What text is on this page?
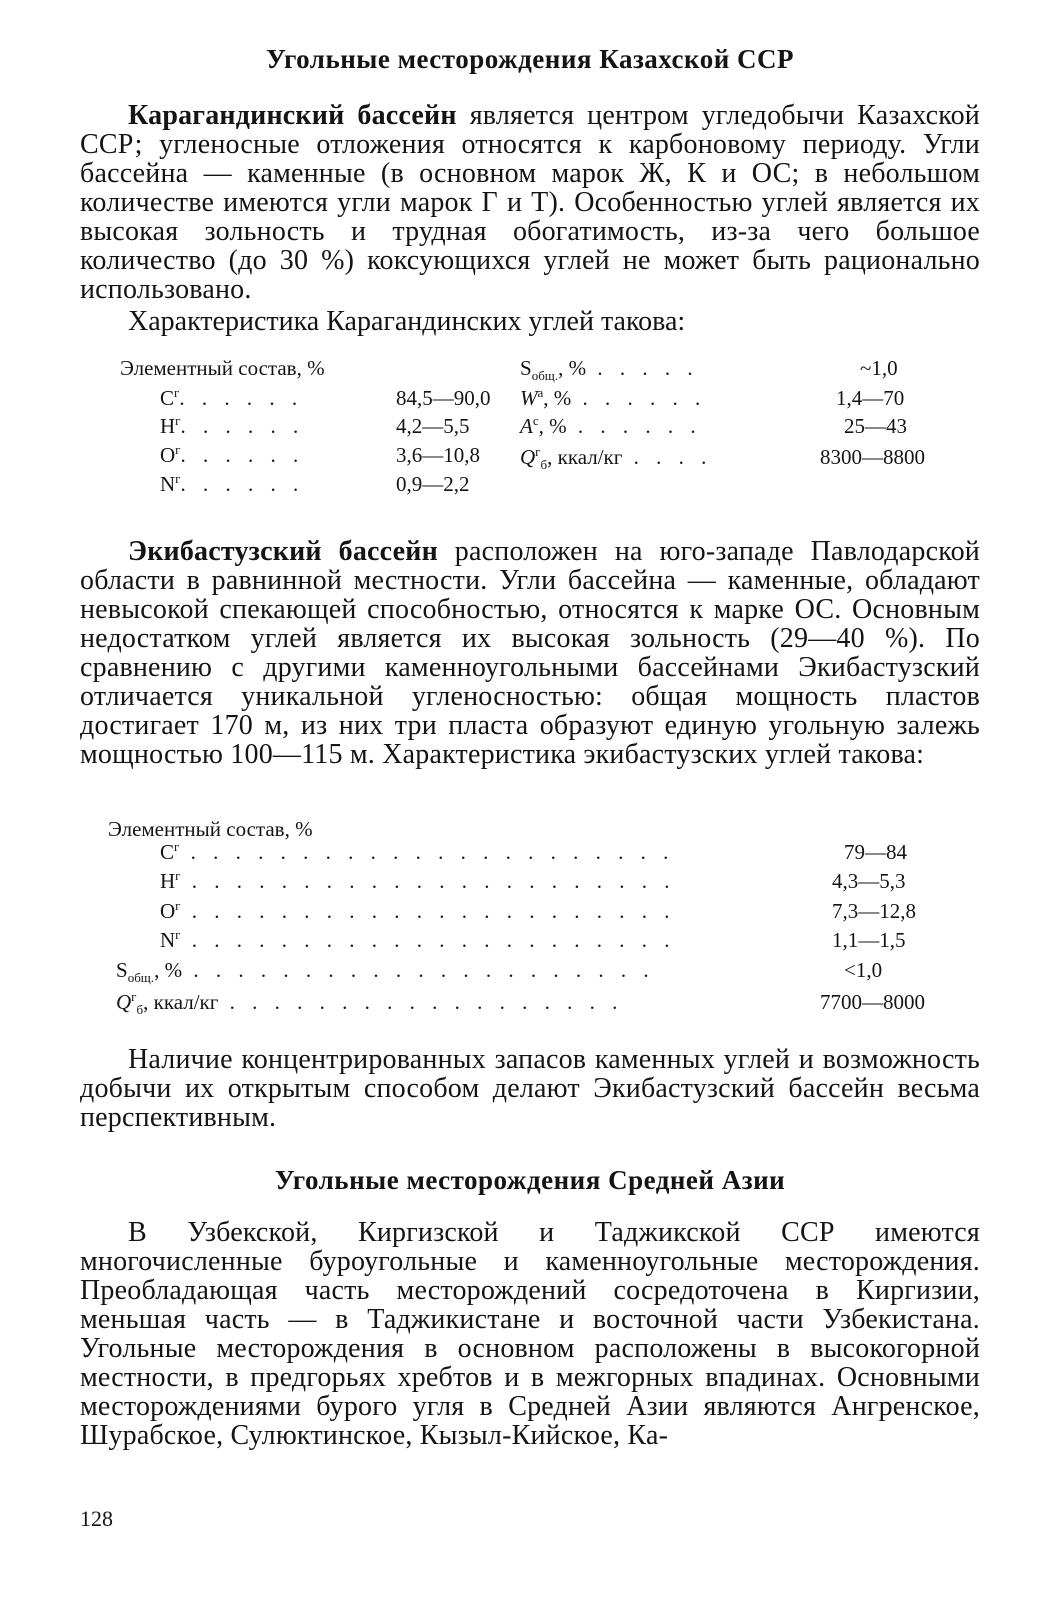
Угольные месторождения Казахской ССР

Карагандинский бассейн является центром угледобычи Казахской ССР; угленосные отложения относятся к карбоновому периоду. Угли бассейна — каменные (в основном марок Ж, К и ОС; в небольшом количестве имеются угли марок Г и Т). Особенностью углей является их высокая зольность и трудная обогатимость, из-за чего большое количество (до 30 %) коксующихся углей не может быть рационально использовано.

Характеристика Карагандинских углей такова:

Элементный состав, %
$C^г$. . . . . .	84,5—90,0
$H^г$. . . . . .	4,2—5,5
$O^г$. . . . . .	3,6—10,8
$N^г$. . . . . .	0,9—2,2
$S_{общ.}$, % . . . . .	~1,0
$W^a$, % . . . . . .	1,4—70
$A^c$, % . . . . . .	25—43
$Q^г_б$, ккал/кг . . . .	8300—8800

Экибастузский бассейн расположен на юго-западе Павлодарской области в равнинной местности. Угли бассейна — каменные, обладают невысокой спекающей способностью, относятся к марке ОС. Основным недостатком углей является их высокая зольность (29—40 %). По сравнению с другими каменноугольными бассейнами Экибастузский отличается уникальной угленосностью: общая мощность пластов достигает 170 м, из них три пласта образуют единую угольную залежь мощностью 100—115 м. Характеристика экибастузских углей такова:

Элементный состав, %
$C^г$ . . . . . . . . . . . . . . . . . . . . . .	79—84
$H^г$ . . . . . . . . . . . . . . . . . . . . . .	4,3—5,3
$O^г$ . . . . . . . . . . . . . . . . . . . . . .	7,3—12,8
$N^г$ . . . . . . . . . . . . . . . . . . . . . .	1,1—1,5
$S_{общ.}$, % . . . . . . . . . . . . . . . . . . . . .	<1,0
$Q^г_б$, ккал/кг . . . . . . . . . . . . . . . . . .	7700—8000

Наличие концентрированных запасов каменных углей и возможность добычи их открытым способом делают Экибастузский бассейн весьма перспективным.

Угольные месторождения Средней Азии

В Узбекской, Киргизской и Таджикской ССР имеются многочисленные буроугольные и каменноугольные месторождения. Преобладающая часть месторождений сосредоточена в Киргизии, меньшая часть — в Таджикистане и восточной части Узбекистана. Угольные месторождения в основном расположены в высокогорной местности, в предгорьях хребтов и в межгорных впадинах. Основными месторождениями бурого угля в Средней Азии являются Ангренское, Шурабское, Сулюктинское, Кызыл-Кийское, Ка-

128
